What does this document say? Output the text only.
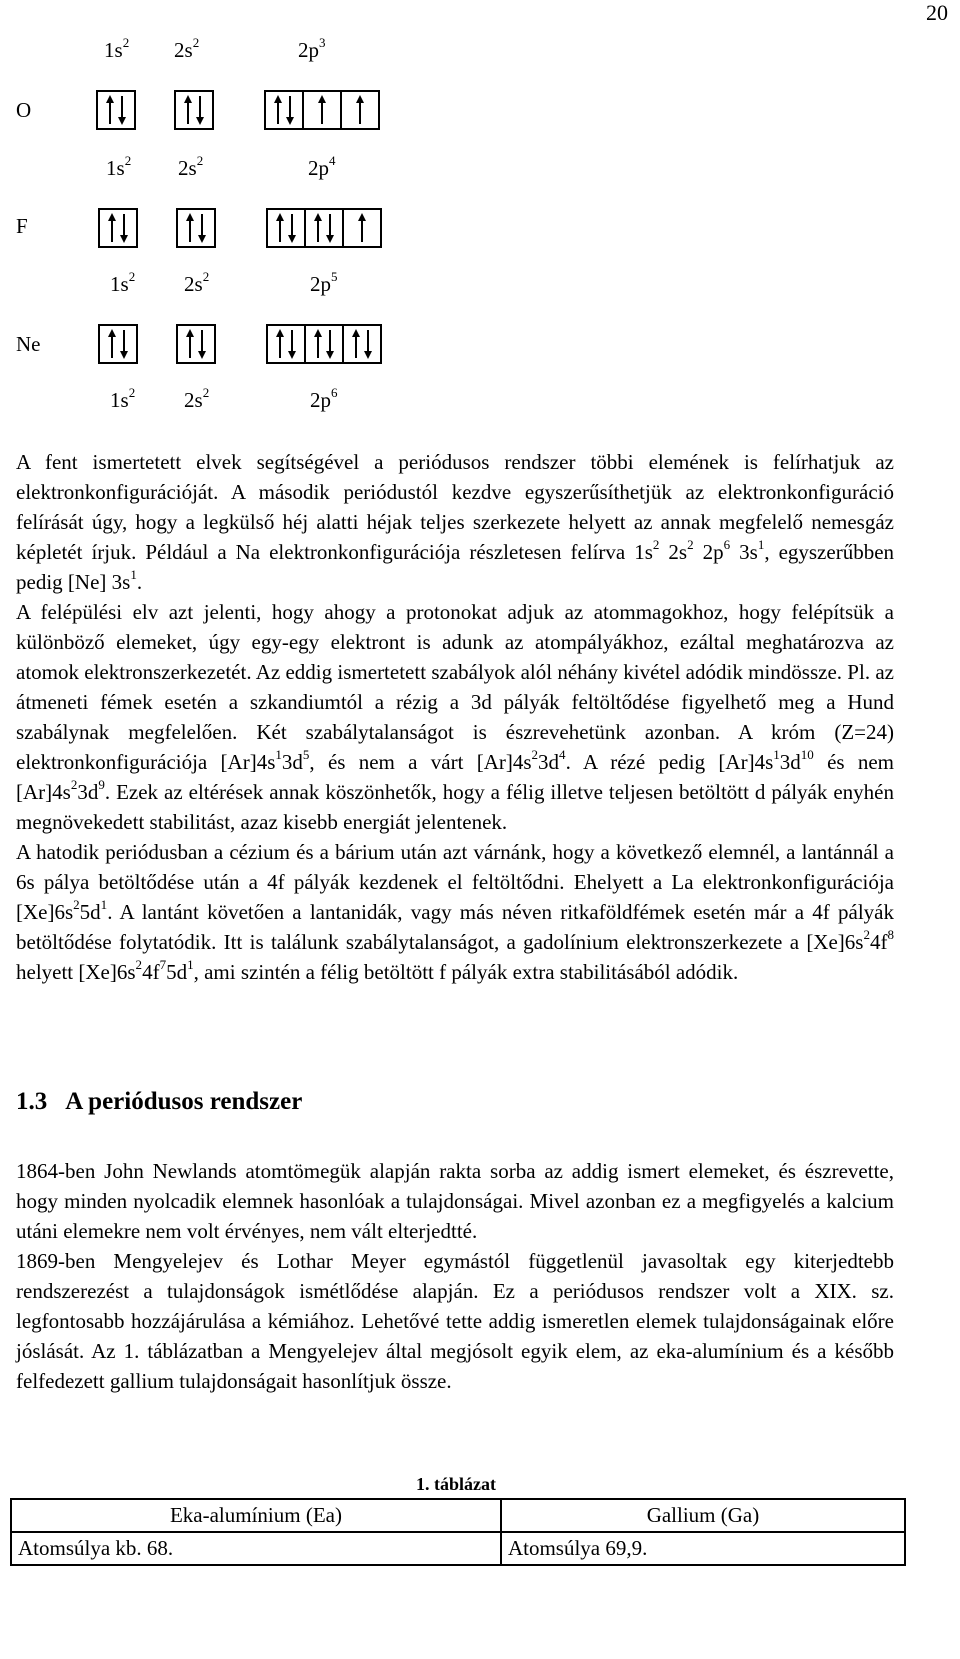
20
$1s^2$ $2s^2$	$2p^3$
$1s^2$ $2s^2$	$2p^4$
$1s^2$ $2s^2$	$2p^5$
$1s^2$ $2s^2$	$2p^6$
O
F
Ne

A fent ismertetett elvek segítségével a periódusos rendszer többi elemének is felírhatjuk az elektronkonfigurációját. A második periódustól kezdve egyszerűsíthetjük az elektronkonfiguráció felírását úgy, hogy a legkülső héj alatti héjak teljes szerkezete helyett az annak megfelelő nemesgáz képletét írjuk. Például a Na elektronkonfigurációja részletesen felírva $1s^2$ $2s^2$ $2p^6$ $3s^1$, egyszerűbben pedig [Ne] $3s^1$.

A felépülési elv azt jelenti, hogy ahogy a protonokat adjuk az atommagokhoz, hogy felépítsük a különböző elemeket, úgy egy-egy elektront is adunk az atompályákhoz, ezáltal meghatározva az atomok elektronszerkezetét. Az eddig ismertetett szabályok alól néhány kivétel adódik mindössze. Pl. az átmeneti fémek esetén a szkandiumtól a rézig a 3d pályák feltöltődése figyelhető meg a Hund szabálynak megfelelően. Két szabálytalanságot is észrevehetünk azonban. A króm (Z=24) elektronkonfigurációja $[Ar]4s^13d^5$, és nem a várt $[Ar]4s^23d^4$. A rézé pedig $[Ar]4s^13d^{10}$ és nem $[Ar]4s^23d^9$. Ezek az eltérések annak köszönhetők, hogy a félig illetve teljesen betöltött d pályák enyhén megnövekedett stabilitást, azaz kisebb energiát jelentenek.

A hatodik periódusban a cézium és a bárium után azt várnánk, hogy a következő elemnél, a lantánnál a 6s pálya betöltődése után a 4f pályák kezdenek el feltöltődni. Ehelyett a La elektronkonfigurációja $[Xe]6s^25d^1$. A lantánt követően a lantanidák, vagy más néven ritkaföldfémek esetén már a 4f pályák betöltődése folytatódik. Itt is találunk szabálytalanságot, a gadolínium elektronszerkezete a $[Xe]6s^24f^8$ helyett $[Xe]6s^24f^75d^1$, ami szintén a félig betöltött f pályák extra stabilitásából adódik.

1.3 A periódusos rendszer

1864-ben John Newlands atomtömegük alapján rakta sorba az addig ismert elemeket, és észrevette, hogy minden nyolcadik elemnek hasonlóak a tulajdonságai. Mivel azonban ez a megfigyelés a kalcium utáni elemekre nem volt érvényes, nem vált elterjedtté.

1869-ben Mengyelejev és Lothar Meyer egymástól függetlenül javasoltak egy kiterjedtebb rendszerezést a tulajdonságok ismétlődése alapján. Ez a periódusos rendszer volt a XIX. sz. legfontosabb hozzájárulása a kémiához. Lehetővé tette addig ismeretlen elemek tulajdonságainak előre jóslását. Az 1. táblázatban a Mengyelejev által megjósolt egyik elem, az eka-alumínium és a később felfedezett gallium tulajdonságait hasonlítjuk össze.

1. táblázat
Eka-alumínium (Ea)	Gallium (Ga)
Atomsúlya kb. 68.	Atomsúlya 69,9.
